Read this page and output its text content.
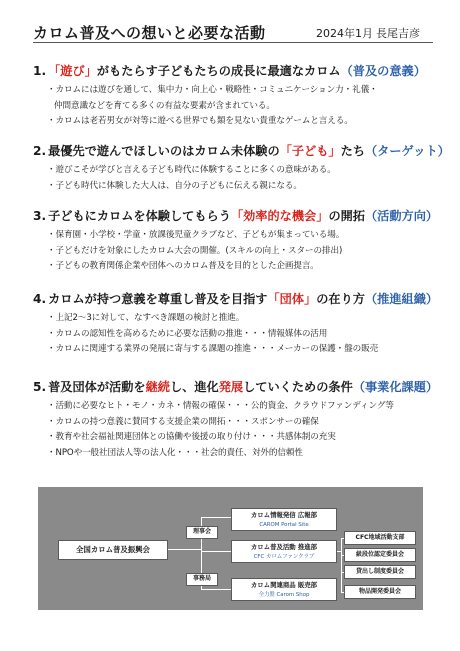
カロム普及への想いと必要な活動	2024年1月 長尾吉彦
1. 「遊び」がもたらす子どもたちの成長に最適なカロム（普及の意義）
・カロムには遊びを通して、集中力・向上心・戦略性・コミュニケーション力・礼儀・
仲間意識などを育てる多くの有益な要素が含まれている。
・カロムは老若男女が対等に遊べる世界でも類を見ない貴重なゲームと言える。
2. 最優先で遊んでほしいのはカロム未体験の「子ども」たち（ターゲット）
・遊びこそが学びと言える子ども時代に体験することに多くの意味がある。
・子ども時代に体験した大人は、自分の子どもに伝える親になる。
3. 子どもにカロムを体験してもらう「効率的な機会」の開拓（活動方向）
・保育園・小学校・学童・放課後児童クラブなど、子どもが集まっている場。
・子どもだけを対象にしたカロム大会の開催。(スキルの向上・スターの排出)
・子どもの教育関係企業や団体へのカロム普及を目的とした企画提言。
4. カロムが持つ意義を尊重し普及を目指す「団体」の在り方（推進組織）
・上記2～3に対して、なすべき課題の検討と推進。
・カロムの認知性を高めるために必要な活動の推進・・・情報媒体の活用
・カロムに関連する業界の発展に寄与する課題の推進・・・メーカーの保護・盤の販売
5. 普及団体が活動を継続し、進化発展していくための条件（事業化課題）
・活動に必要なヒト・モノ・カネ・情報の確保・・・公的資金、クラウドファンディング等
・カロムの持つ意義に賛同する支援企業の開拓・・・スポンサーの確保
・教育や社会福祉関連団体との協働や後援の取り付け・・・共感体制の充実
・NPOや一般社団法人等の法人化・・・社会的責任、対外的信頼性
全国カロム普及振興会
理事会
事務局
カロム情報発信 広報部
CAROM Portal Site
カロム普及活動 推進部
CFC カロムファンクラブ
カロム関連商品 販売部
全力盤 Carom Shop
CFC地域活動支部
級段位認定委員会
貸出し制度委員会
物品開発委員会
